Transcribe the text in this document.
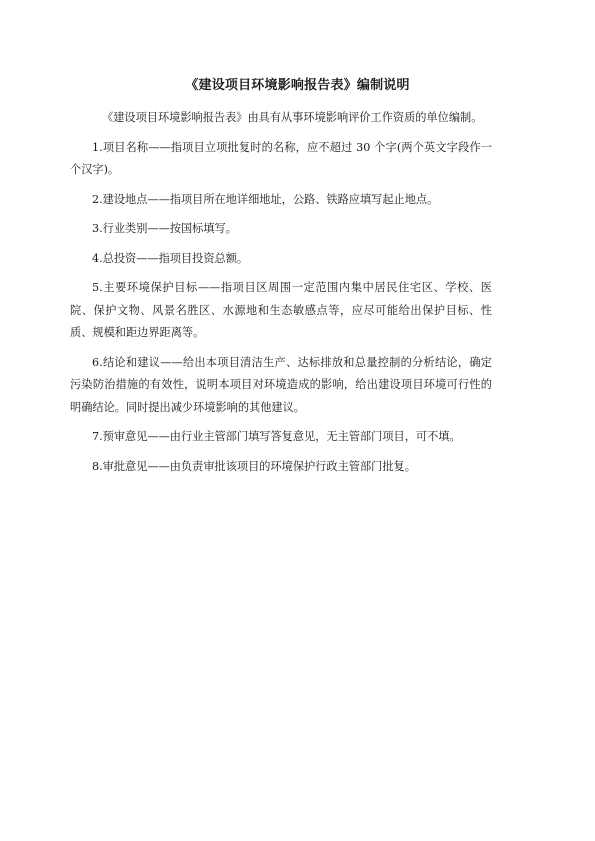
《建设项目环境影响报告表》编制说明

《建设项目环境影响报告表》由具有从事环境影响评价工作资质的单位编制。

1.项目名称——指项目立项批复时的名称，应不超过 30 个字(两个英文字段作一个汉字)。

2.建设地点——指项目所在地详细地址，公路、铁路应填写起止地点。

3.行业类别——按国标填写。

4.总投资——指项目投资总额。

5.主要环境保护目标——指项目区周围一定范围内集中居民住宅区、学校、医院、保护文物、风景名胜区、水源地和生态敏感点等，应尽可能给出保护目标、性质、规模和距边界距离等。

6.结论和建议——给出本项目清洁生产、达标排放和总量控制的分析结论，确定污染防治措施的有效性，说明本项目对环境造成的影响，给出建设项目环境可行性的明确结论。同时提出减少环境影响的其他建议。

7.预审意见——由行业主管部门填写答复意见，无主管部门项目，可不填。

8.审批意见——由负责审批该项目的环境保护行政主管部门批复。
